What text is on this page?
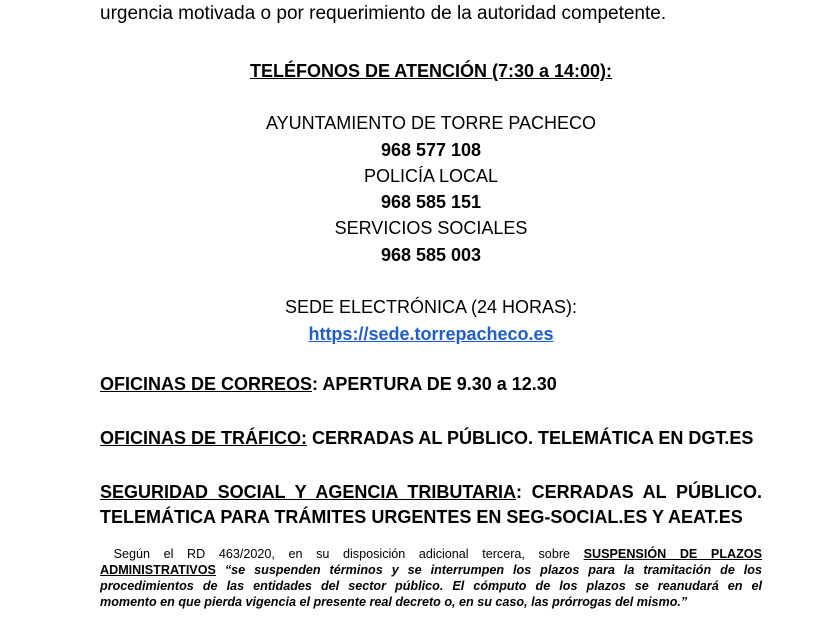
urgencia motivada o por requerimiento de la autoridad competente.
TELÉFONOS DE ATENCIÓN (7:30 a 14:00):
AYUNTAMIENTO DE TORRE PACHECO
968 577 108
POLICÍA LOCAL
968 585 151
SERVICIOS SOCIALES
968 585 003
SEDE ELECTRÓNICA (24 HORAS):
https://sede.torrepacheco.es
OFICINAS DE CORREOS: APERTURA DE 9.30 a 12.30
OFICINAS DE TRÁFICO: CERRADAS AL PÚBLICO. TELEMÁTICA EN DGT.ES
SEGURIDAD SOCIAL Y AGENCIA TRIBUTARIA: CERRADAS AL PÚBLICO.
TELEMÁTICA PARA TRÁMITES URGENTES EN SEG-SOCIAL.ES Y AEAT.ES
Según el RD 463/2020, en su disposición adicional tercera, sobre SUSPENSIÓN DE PLAZOS
ADMINISTRATIVOS “se suspenden términos y se interrumpen los plazos para la tramitación de los
procedimientos de las entidades del sector público. El cómputo de los plazos se reanudará en el
momento en que pierda vigencia el presente real decreto o, en su caso, las prórrogas del mismo.”
